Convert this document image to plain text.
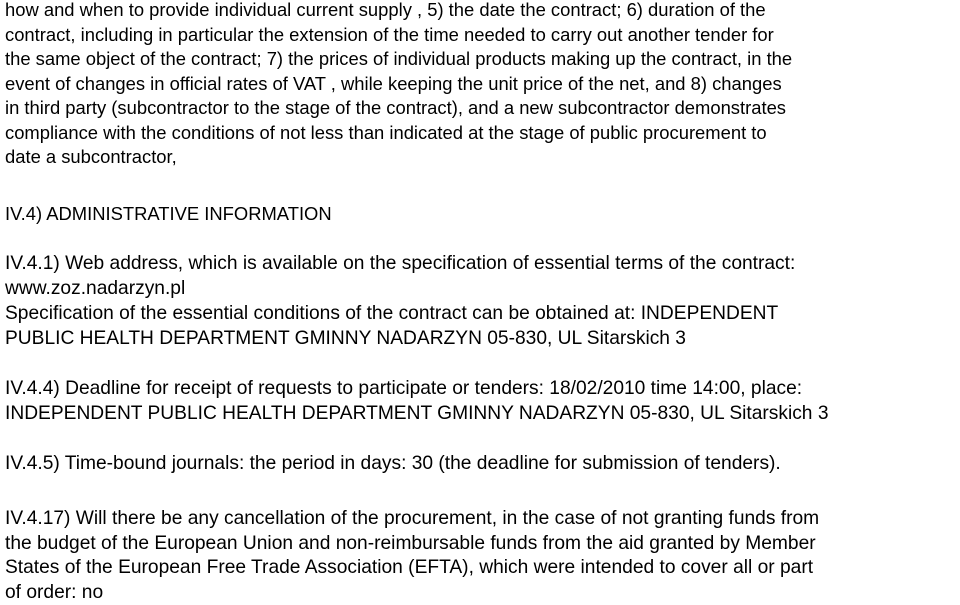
how and when to provide individual current supply , 5) the date the contract; 6) duration of the
contract, including in particular the extension of the time needed to carry out another tender for
the same object of the contract; 7) the prices of individual products making up the contract, in the
event of changes in official rates of VAT , while keeping the unit price of the net, and 8) changes
in third party (subcontractor to the stage of the contract), and a new subcontractor demonstrates
compliance with the conditions of not less than indicated at the stage of public procurement to
date a subcontractor,
IV.4) ADMINISTRATIVE INFORMATION
IV.4.1) Web address, which is available on the specification of essential terms of the contract:
www.zoz.nadarzyn.pl
Specification of the essential conditions of the contract can be obtained at: INDEPENDENT
PUBLIC HEALTH DEPARTMENT GMINNY NADARZYN 05-830, UL Sitarskich 3
IV.4.4) Deadline for receipt of requests to participate or tenders: 18/02/2010 time 14:00, place:
INDEPENDENT PUBLIC HEALTH DEPARTMENT GMINNY NADARZYN 05-830, UL Sitarskich 3
IV.4.5) Time-bound journals: the period in days: 30 (the deadline for submission of tenders).
IV.4.17) Will there be any cancellation of the procurement, in the case of not granting funds from
the budget of the European Union and non-reimbursable funds from the aid granted by Member
States of the European Free Trade Association (EFTA), which were intended to cover all or part
of order: no
